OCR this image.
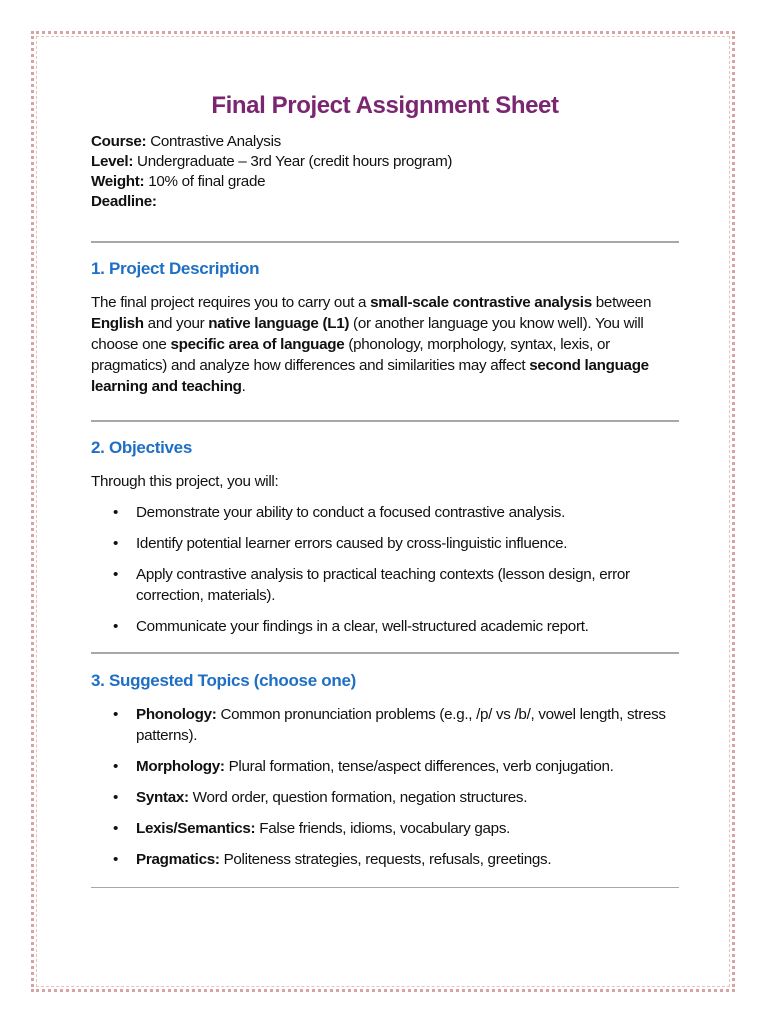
Final Project Assignment Sheet
Course: Contrastive Analysis
Level: Undergraduate – 3rd Year (credit hours program)
Weight: 10% of final grade
Deadline:
1. Project Description

The final project requires you to carry out a small-scale contrastive analysis between English and your native language (L1) (or another language you know well). You will choose one specific area of language (phonology, morphology, syntax, lexis, or pragmatics) and analyze how differences and similarities may affect second language learning and teaching.

2. Objectives

Through this project, you will:

• Demonstrate your ability to conduct a focused contrastive analysis.
• Identify potential learner errors caused by cross-linguistic influence.
• Apply contrastive analysis to practical teaching contexts (lesson design, error correction, materials).
• Communicate your findings in a clear, well-structured academic report.
3. Suggested Topics (choose one)
• Phonology: Common pronunciation problems (e.g., /p/ vs /b/, vowel length, stress patterns).
• Morphology: Plural formation, tense/aspect differences, verb conjugation.
• Syntax: Word order, question formation, negation structures.
• Lexis/Semantics: False friends, idioms, vocabulary gaps.
• Pragmatics: Politeness strategies, requests, refusals, greetings.
